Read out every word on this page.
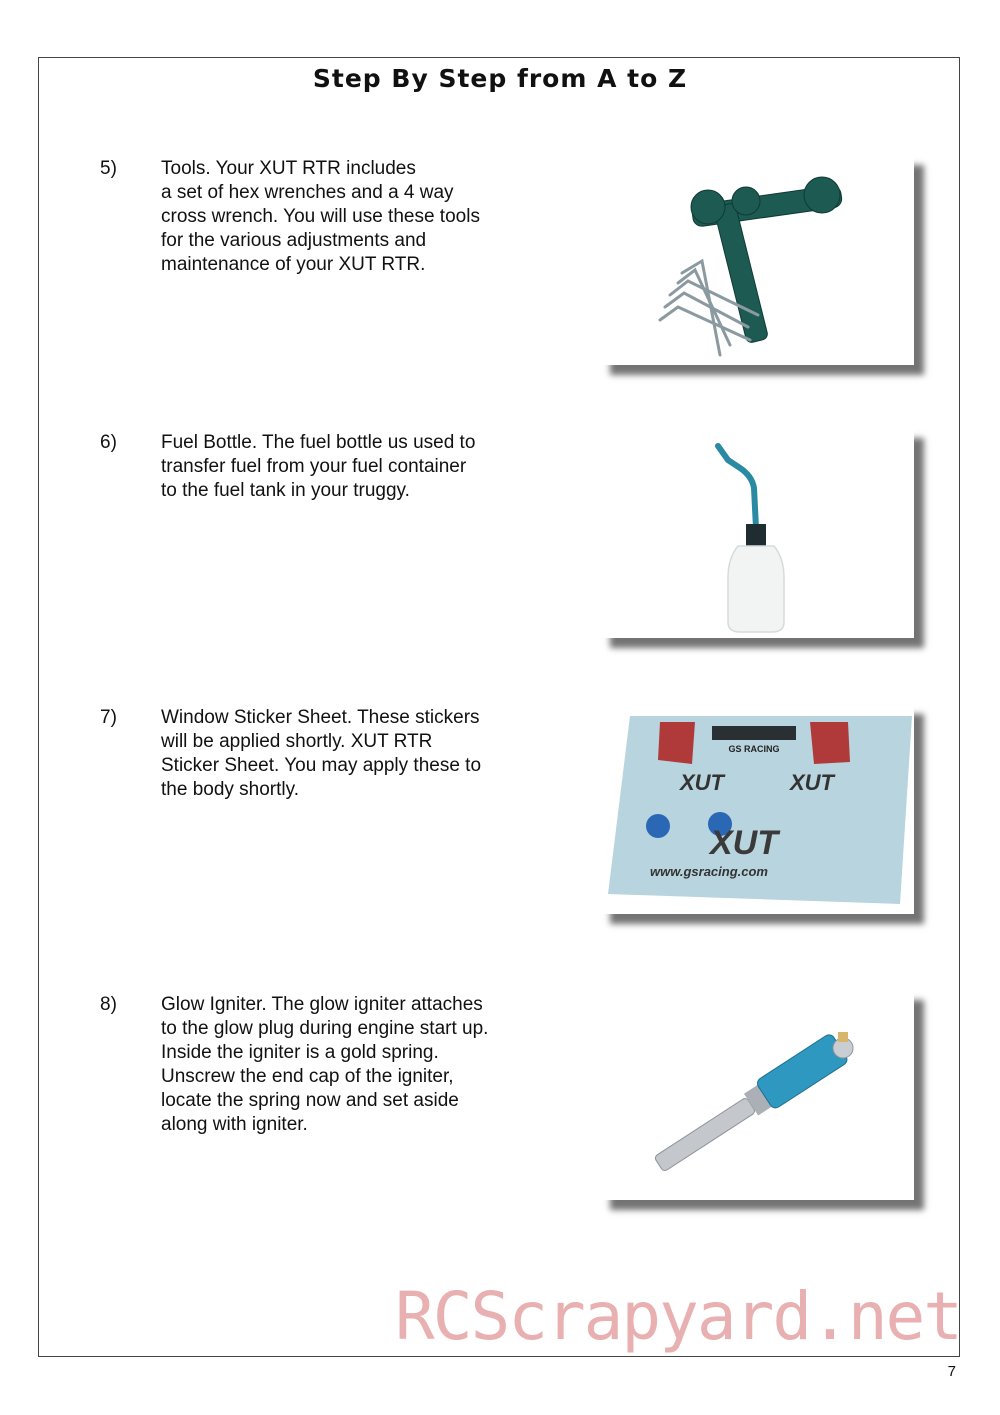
Step By Step from A to Z
5) Tools. Your XUT RTR includes
a set of hex wrenches and a 4 way
cross wrench. You will use these tools
for the various adjustments and
maintenance of your XUT RTR.
6) Fuel Bottle. The fuel bottle us used to
transfer fuel from your fuel container
to the fuel tank in your truggy.
7) Window Sticker Sheet. These stickers
will be applied shortly. XUT RTR
Sticker Sheet. You may apply these to
the body shortly.
GS RACING
XUT	XUT
XUT
www.gsracing.com
8) Glow Igniter. The glow igniter attaches
to the glow plug during engine start up.
Inside the igniter is a gold spring.
Unscrew the end cap of the igniter,
locate the spring now and set aside
along with igniter.
RCScrapyard.net
7
